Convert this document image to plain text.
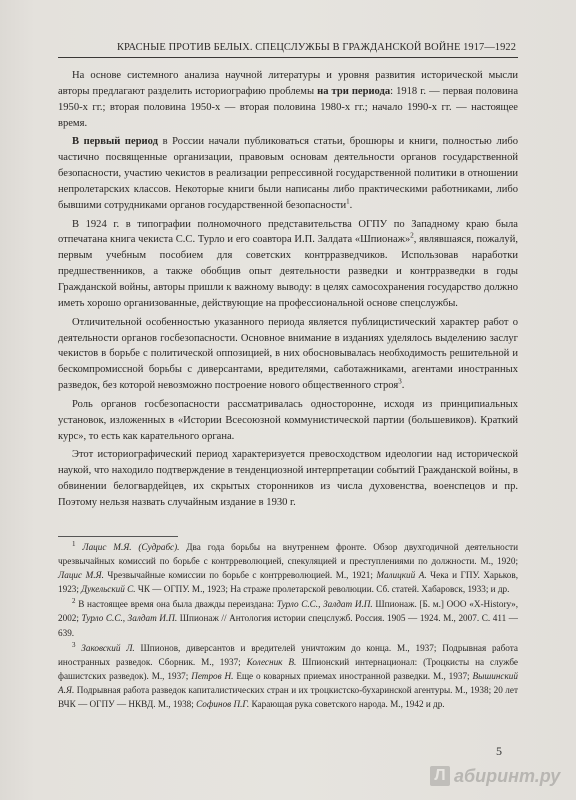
КРАСНЫЕ ПРОТИВ БЕЛЫХ. СПЕЦСЛУЖБЫ В ГРАЖДАНСКОЙ ВОЙНЕ 1917—1922

На основе системного анализа научной литературы и уровня развития исторической мысли авторы предлагают разделить историографию проблемы на три периода: 1918 г. — первая половина 1950-х гг.; вторая половина 1950-х — вторая половина 1980-х гг.; начало 1990-х гг. — настоящее время.

В первый период в России начали публиковаться статьи, брошюры и книги, полностью либо частично посвященные организации, правовым основам деятельности органов государственной безопасности, участию чекистов в реализации репрессивной государственной политики в отношении непролетарских классов. Некоторые книги были написаны либо практическими работниками, либо бывшими сотрудниками органов государственной безопасности$^1$.

В 1924 г. в типографии полномочного представительства ОГПУ по Западному краю была отпечатана книга чекиста С.С. Турло и его соавтора И.П. Залдата «Шпионаж»$^2$, являвшаяся, пожалуй, первым учебным пособием для советских контрразведчиков. Использовав наработки предшественников, а также обобщив опыт деятельности разведки и контрразведки в годы Гражданской войны, авторы пришли к важному выводу: в целях самосохранения государство должно иметь хорошо организованные, действующие на профессиональной основе спецслужбы.

Отличительной особенностью указанного периода является публицистический характер работ о деятельности органов госбезопасности. Основное внимание в изданиях уделялось выделению заслуг чекистов в борьбе с политической оппозицией, в них обосновывалась необходимость решительной и бескомпромиссной борьбы с диверсантами, вредителями, саботажниками, агентами иностранных разведок, без которой невозможно построение нового общественного строя$^3$.

Роль органов госбезопасности рассматривалась односторонне, исходя из принципиальных установок, изложенных в «Истории Всесоюзной коммунистической партии (большевиков). Краткий курс», то есть как карательного органа.

Этот историографический период характеризуется превосходством идеологии над исторической наукой, что находило подтверждение в тенденциозной интерпретации событий Гражданской войны, в обвинении белогвардейцев, их скрытых сторонников из числа духовенства, военспецов и пр. Поэтому нельзя назвать случайным издание в 1930 г.

$^1$ Лацис М.Я. (Судрабс). Два года борьбы на внутреннем фронте. Обзор двухгодичной деятельности чрезвычайных комиссий по борьбе с контрреволюцией, спекуляцией и преступлениями по должности. М., 1920; Лацис М.Я. Чрезвычайные комиссии по борьбе с контрреволюцией. М., 1921; Малицкий А. Чека и ГПУ. Харьков, 1923; Дукельский С. ЧК — ОГПУ. М., 1923; На страже пролетарской революции. Сб. статей. Хабаровск, 1933; и др.

$^2$ В настоящее время она была дважды переиздана: Турло С.С., Залдат И.П. Шпионаж. [Б. м.] ООО «X-History», 2002; Турло С.С., Залдат И.П. Шпионаж // Антология истории спецслужб. Россия. 1905 — 1924. М., 2007. С. 411 — 639.

$^3$ Заковский Л. Шпионов, диверсантов и вредителей уничтожим до конца. М., 1937; Подрывная работа иностранных разведок. Сборник. М., 1937; Колесник В. Шпионский интернационал: (Троцкисты на службе фашистских разведок). М., 1937; Петров Н. Еще о коварных приемах иностранной разведки. М., 1937; Вышинский А.Я. Подрывная работа разведок капиталистических стран и их троцкистско-бухаринской агентуры. М., 1938; 20 лет ВЧК — ОГПУ — НКВД. М., 1938; Софинов П.Г. Карающая рука советского народа. М., 1942 и др.

5
Л абиринт.ру
